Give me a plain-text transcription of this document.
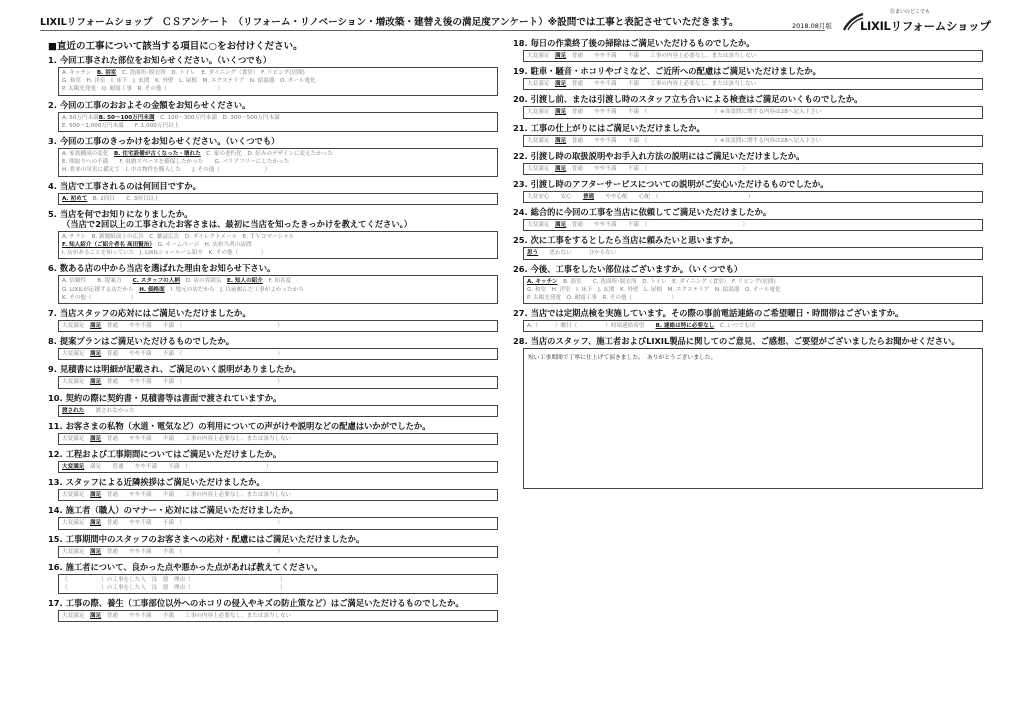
LIXILリフォームショップ　ＣＳアンケート　（リフォーム・リノベーション・増改築・建替え後の満足度アンケート）※設問では工事と表記させていただきます。	2018.08月版
住まいのどこでも
LIXILリフォームショップ
■直近の工事について該当する項目に○をお付けください。
1. 今回工事された部位をお知らせください。（いくつでも）
A. キッチン　B. 浴室　C. 洗面所･脱衣所　D. トイレ　E. ダイニング（食堂）　F. リビング(居間)
G. 和室　H. 洋室　I. 床下　J. 玄関　K. 外壁　L. 屋根　M. エクステリア　N. 給湯器　O. オール電化
P. 太陽光発電　Q. 耐震工事　R. その他（　　　　　　　　　）
2. 今回の工事のおおよその金額をお知らせください。
A. 50万円未満B. 50～100万円未満　C. 100～300万円未満　D. 300～500万円未満
E. 500～1,000万円未満　　F. 1,000万円以上
3. 今回の工事のきっかけをお知らせください。（いくつでも）
A. 家族構成の変化　B. 住宅設備が古くなった・壊れた　C. 家の老朽化　D. 好みのデザインに変えたかった
E. 間取りへの不満　　F. 収納スペースを確保したかった　　G. バリアフリーにしたかった
H. 将来の災害に備えて　I. 中古物件を購入した　　J. その他（　　　　　　　　）
4. 当店で工事されるのは何回目ですか。
A. 初めて　B. 2回目　　C. 3回目以上
5. 当店を何でお知りになりましたか。
（当店で2回以上の工事されたお客さまは、最初に当店を知ったきっかけを教えてください。）
A. チラシ　B. 新聞紙面上の広告　C. 雑誌広告　D. ダイレクトメール　E. ＴＶコマーシャル
F. 知人紹介（ご紹介者名 高田賢治）　G. ホームページ　H. 店担当者の訪問
I. 店があることを知っていた　J. LIXILショールーム紹介　K. その他（　　　　）
6. 数ある店の中から当店を選ばれた理由をお知らせ下さい。
A. 信頼性　　B. 提案力　　C. スタッフの人柄　D. 店の雰囲気　E. 知人の紹介　F. 知名度
G. LIXILが応援する店だから　H. 価格面　I. 地元の店だから　J. 以前頼んだ工事がよかったから
K. その他（　　　　　　　）
7. 当店スタッフの応対にはご満足いただけましたか。
大変満足　満足　普通　　やや不満　　不満　（　　　　　　　　　　　　　　　　　）
8. 提案プランはご満足いただけるものでしたか。
大変満足　満足　普通　　やや不満　　不満　（　　　　　　　　　　　　　　　　　）
9. 見積書には明細が記載され、ご満足のいく説明がありましたか。
大変満足　満足　普通　　やや不満　　不満　（　　　　　　　　　　　　　　　　　）
10. 契約の際に契約書・見積書等は書面で渡されていますか。
渡された　　渡されなかった
11. お客さまの私物（水道・電気など）の利用についての声がけや説明などの配慮はいかがでしたか。
大変満足　満足　普通　　やや不満　　不満　　工事の内容上必要なし、または該当しない
12. 工程および工事期間についてはご満足いただけましたか。
大変満足　満足　　普通　　やや不満　　不満　（　　　　　　　　　　　　　　）
13. スタッフによる近隣挨拶はご満足いただけましたか。
大変満足　満足　普通　　やや不満　　不満　　工事の内容上必要なし、または該当しない
14. 施工者（職人）のマナー・応対にはご満足いただけましたか。
大変満足　満足　普通　　やや不満　　不満　（　　　　　　　　　　　　　　　　　）
15. 工事期間中のスタッフのお客さまへの応対・配慮にはご満足いただけましたか。
大変満足　満足　普通　　やや不満　　不満　（　　　　　　　　　　　　　　　　　）
16. 施工者について、良かった点や悪かった点があれば教えてください。
（　　　　　　）の工事をした人　良　悪　理由（　　　　　　　　　　　　　　　　）
（　　　　　　）の工事をした人　良　悪　理由（　　　　　　　　　　　　　　　　）
17. 工事の際、養生（工事部位以外へのホコリの侵入やキズの防止策など）はご満足いただけるものでしたか。
大変満足　満足　普通　　やや不満　　不満　　工事の内容上必要なし、または該当しない
18. 毎日の作業終了後の掃除はご満足いただけるものでしたか。
大変満足　満足　普通　　やや不満　　不満　　工事の内容上必要なし、または該当しない
19. 駐車・騒音・ホコリやゴミなど、ご近所への配慮はご満足いただけましたか。
大変満足　満足　普通　　やや不満　　不満　　工事の内容上必要なし、または該当しない
20. 引渡し前、または引渡し時のスタッフ立ち合いによる検査はご満足のいくものでしたか。
大変満足　満足　普通　　やや不満　　不満　（　　　　　　　　　　　　）※各設問に関する内容は28へ記入下さい
21. 工事の仕上がりにはご満足いただけましたか。
大変満足　満足　普通　　やや不満　　不満　（　　　　　　　　　　　　）※各設問に関する内容は28へ記入下さい
22. 引渡し時の取扱説明やお手入れ方法の説明にはご満足いただけましたか。
大変満足　満足　普通　　やや不満　　不満　（　　　　　　　　　　　　　　　　　）
23. 引渡し時のアフターサービスについての説明がご安心いただけるものでしたか。
大変安心　　安心　　普通　　やや心配　　心配　（　　　　　　　　　　　　　　　　）
24. 総合的に今回の工事を当店に依頼してご満足いただけましたか。
大変満足　満足　普通　　やや不満　　不満　（　　　　　　　　　　　　　　　　　）
25. 次に工事をするとしたら当店に頼みたいと思いますか。
思う　　思わない　　　分からない
26. 今後、工事をしたい部位はございますか。（いくつでも）
A. キッチン　B. 浴室　　C. 洗面所･脱衣所　D. トイレ　E. ダイニング（食堂）　F. リビング(居間)
G. 和室　H. 洋室　I. 床下　J. 玄関　K. 外壁　L. 屋根　M. エクステリア　N. 給湯器　O. オール電化
P. 太陽光発電　Q. 耐震工事　R. その他（　　　　　　　）
27. 当店では定期点検を実施しています。その際の事前電話連絡のご希望曜日・時間帯はございますか。
A.（　　　）曜日（　　　　　）時頃連絡希望　　B. 連絡は特に必要なし　C. いつでも可
28. 当店のスタッフ、施工者およびLIXIL製品に関してのご意見、ご感想、ご要望がございましたらお聞かせください。
短い工事期間で丁寧に仕上げて頂きました。　ありがとうございました。
